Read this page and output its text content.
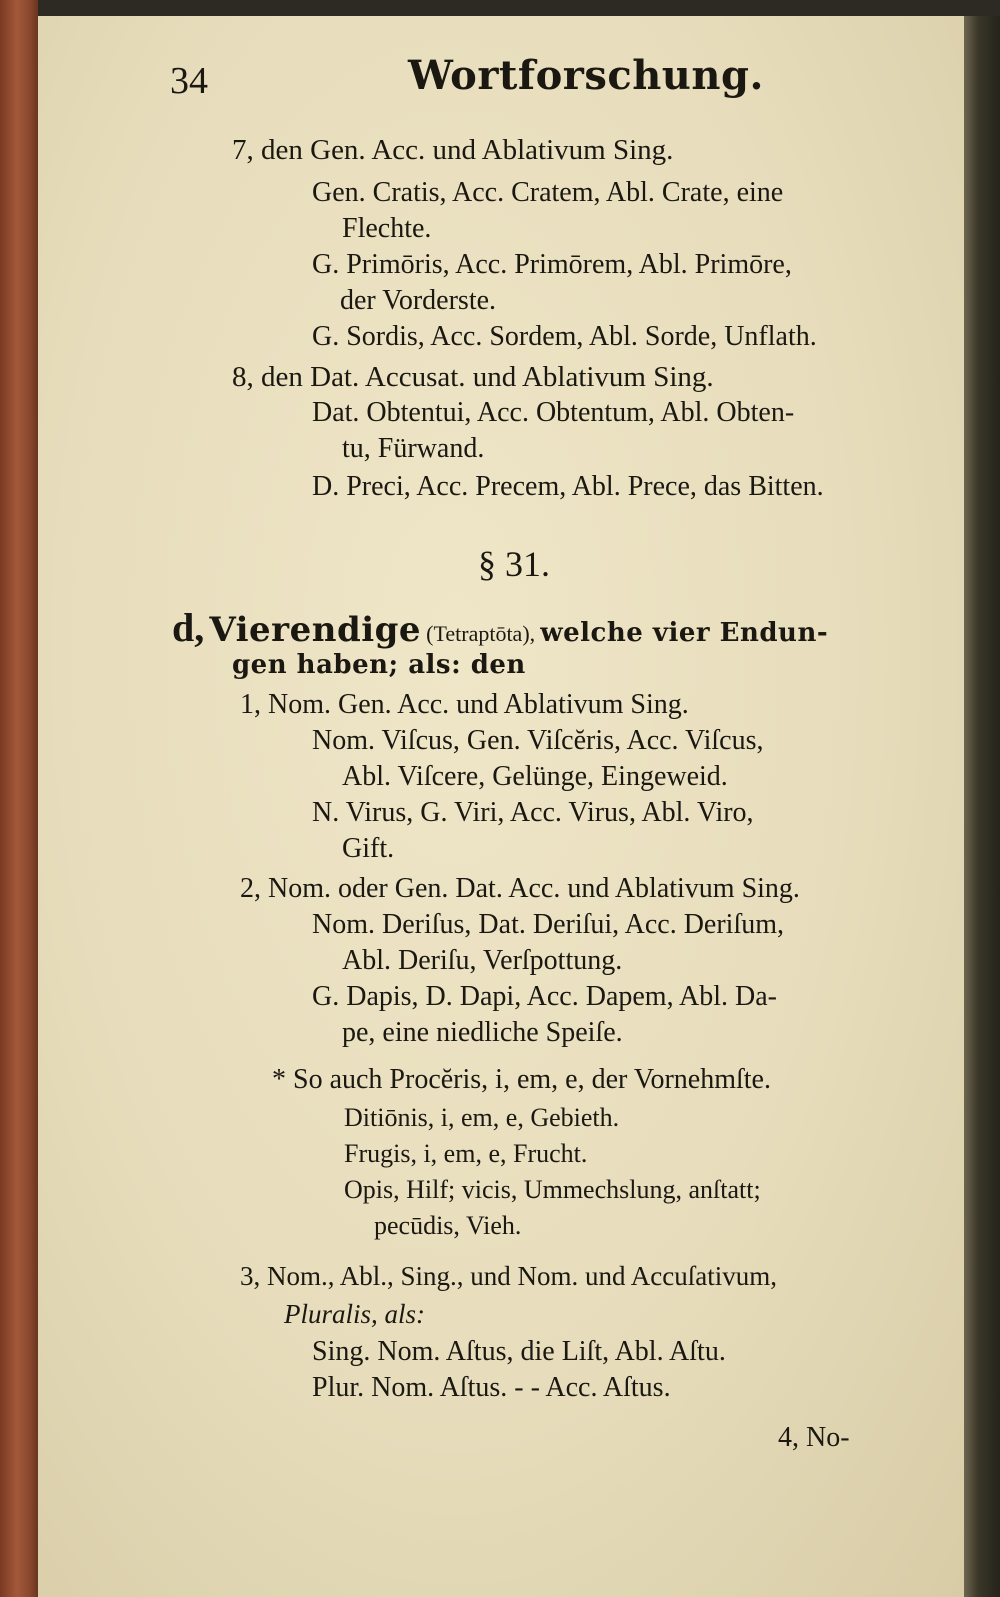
34	Wortforschung.
7, den Gen. Acc. und Ablativum Sing.
Gen. Cratis, Acc. Cratem, Abl. Crate, eine
Flechte.
G. Primōris, Acc. Primōrem, Abl. Primōre,
der Vorderste.
G. Sordis, Acc. Sordem, Abl. Sorde, Unflath.
8, den Dat. Accusat. und Ablativum Sing.
Dat. Obtentui, Acc. Obtentum, Abl. Obten-
tu, Fürwand.
D. Preci, Acc. Precem, Abl. Prece, das Bitten.
§ 31.
d, Vierendige (Tetraptōta), welche vier Endun-
gen haben; als: den
1, Nom. Gen. Acc. und Ablativum Sing.
Nom. Viſcus, Gen. Viſcĕris, Acc. Viſcus,
Abl. Viſcere, Gelünge, Eingeweid.
N. Virus, G. Viri, Acc. Virus, Abl. Viro,
Gift.
2, Nom. oder Gen. Dat. Acc. und Ablativum Sing.
Nom. Deriſus, Dat. Deriſui, Acc. Deriſum,
Abl. Deriſu, Verſpottung.
G. Dapis, D. Dapi, Acc. Dapem, Abl. Da-
pe, eine niedliche Speiſe.
* So auch Procĕris, i, em, e, der Vornehmſte.
Ditiōnis, i, em, e, Gebieth.
Frugis, i, em, e, Frucht.
Opis, Hilf; vicis, Ummechslung, anſtatt;
pecūdis, Vieh.
3, Nom., Abl., Sing., und Nom. und Accuſativum,
Pluralis, als:
Sing. Nom. Aſtus, die Liſt, Abl. Aſtu.
Plur. Nom. Aſtus. - - Acc. Aſtus.
4, No-
